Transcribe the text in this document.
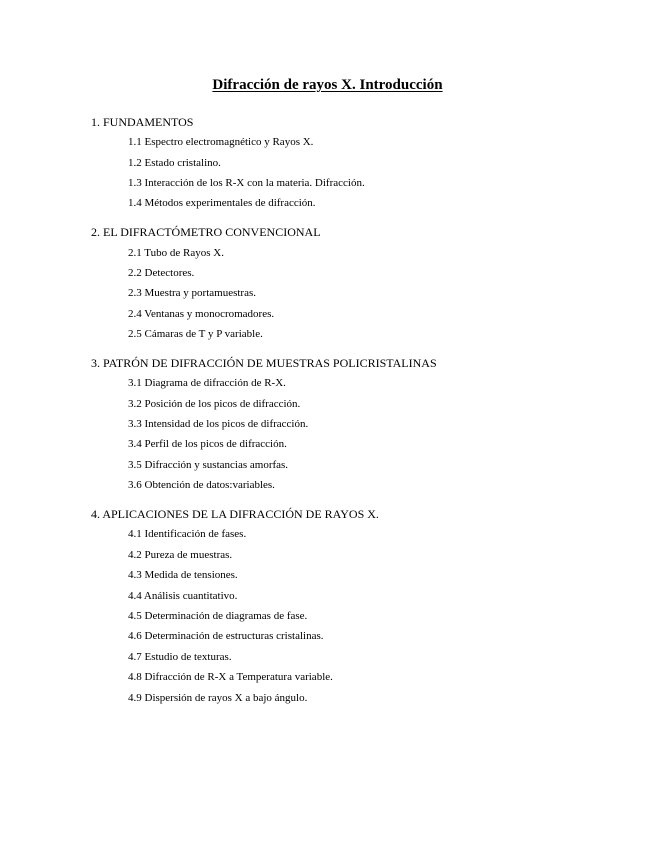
Difracción de rayos X. Introducción
1. FUNDAMENTOS
1.1 Espectro electromagnético y Rayos X.
1.2 Estado cristalino.
1.3 Interacción de los R-X con la materia. Difracción.
1.4 Métodos experimentales de difracción.
2. EL DIFRACTÓMETRO CONVENCIONAL
2.1 Tubo de Rayos X.
2.2 Detectores.
2.3 Muestra y portamuestras.
2.4 Ventanas y monocromadores.
2.5 Cámaras de T y P variable.
3. PATRÓN DE DIFRACCIÓN DE MUESTRAS POLICRISTALINAS
3.1 Diagrama de difracción de R-X.
3.2 Posición de los picos de difracción.
3.3 Intensidad de los picos de difracción.
3.4 Perfil de los picos de difracción.
3.5 Difracción y sustancias amorfas.
3.6 Obtención de datos:variables.
4. APLICACIONES DE LA DIFRACCIÓN DE RAYOS X.
4.1 Identificación de fases.
4.2 Pureza de muestras.
4.3 Medida de tensiones.
4.4 Análisis cuantitativo.
4.5 Determinación de diagramas de fase.
4.6 Determinación de estructuras cristalinas.
4.7 Estudio de texturas.
4.8 Difracción de R-X a Temperatura variable.
4.9 Dispersión de rayos X a bajo ángulo.
